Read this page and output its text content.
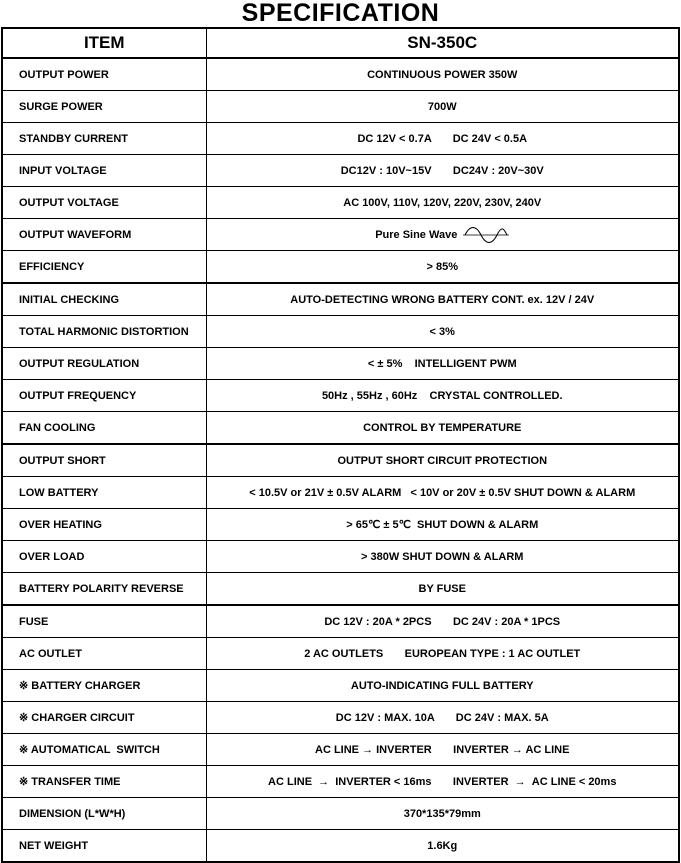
SPECIFICATION
ITEM	SN-350C
OUTPUT POWER	CONTINUOUS POWER 350W
SURGE POWER	700W
STANDBY CURRENT	DC 12V < 0.7A       DC 24V < 0.5A
INPUT VOLTAGE	DC12V : 10V~15V       DC24V : 20V~30V
OUTPUT VOLTAGE	AC 100V, 110V, 120V, 220V, 230V, 240V
OUTPUT WAVEFORM	Pure Sine Wave
EFFICIENCY	> 85%
INITIAL CHECKING	AUTO-DETECTING WRONG BATTERY CONT. ex. 12V / 24V
TOTAL HARMONIC DISTORTION	< 3%
OUTPUT REGULATION	< ± 5%    INTELLIGENT PWM
OUTPUT FREQUENCY	50Hz , 55Hz , 60Hz    CRYSTAL CONTROLLED.
FAN COOLING	CONTROL BY TEMPERATURE
OUTPUT SHORT	OUTPUT SHORT CIRCUIT PROTECTION
LOW BATTERY	< 10.5V or 21V ± 0.5V ALARM   < 10V or 20V ± 0.5V SHUT DOWN & ALARM
OVER HEATING	> 65℃ ± 5℃  SHUT DOWN & ALARM
OVER LOAD	> 380W SHUT DOWN & ALARM
BATTERY POLARITY REVERSE	BY FUSE
FUSE	DC 12V : 20A * 2PCS       DC 24V : 20A * 1PCS
AC OUTLET	2 AC OUTLETS       EUROPEAN TYPE : 1 AC OUTLET
※ BATTERY CHARGER	AUTO-INDICATING FULL BATTERY
※ CHARGER CIRCUIT	DC 12V : MAX. 10A       DC 24V : MAX. 5A
※ AUTOMATICAL  SWITCH	AC LINE → INVERTER       INVERTER → AC LINE
※ TRANSFER TIME	AC LINE  →  INVERTER < 16ms       INVERTER  →  AC LINE < 20ms
DIMENSION (L*W*H)	370*135*79mm
NET WEIGHT	1.6Kg
